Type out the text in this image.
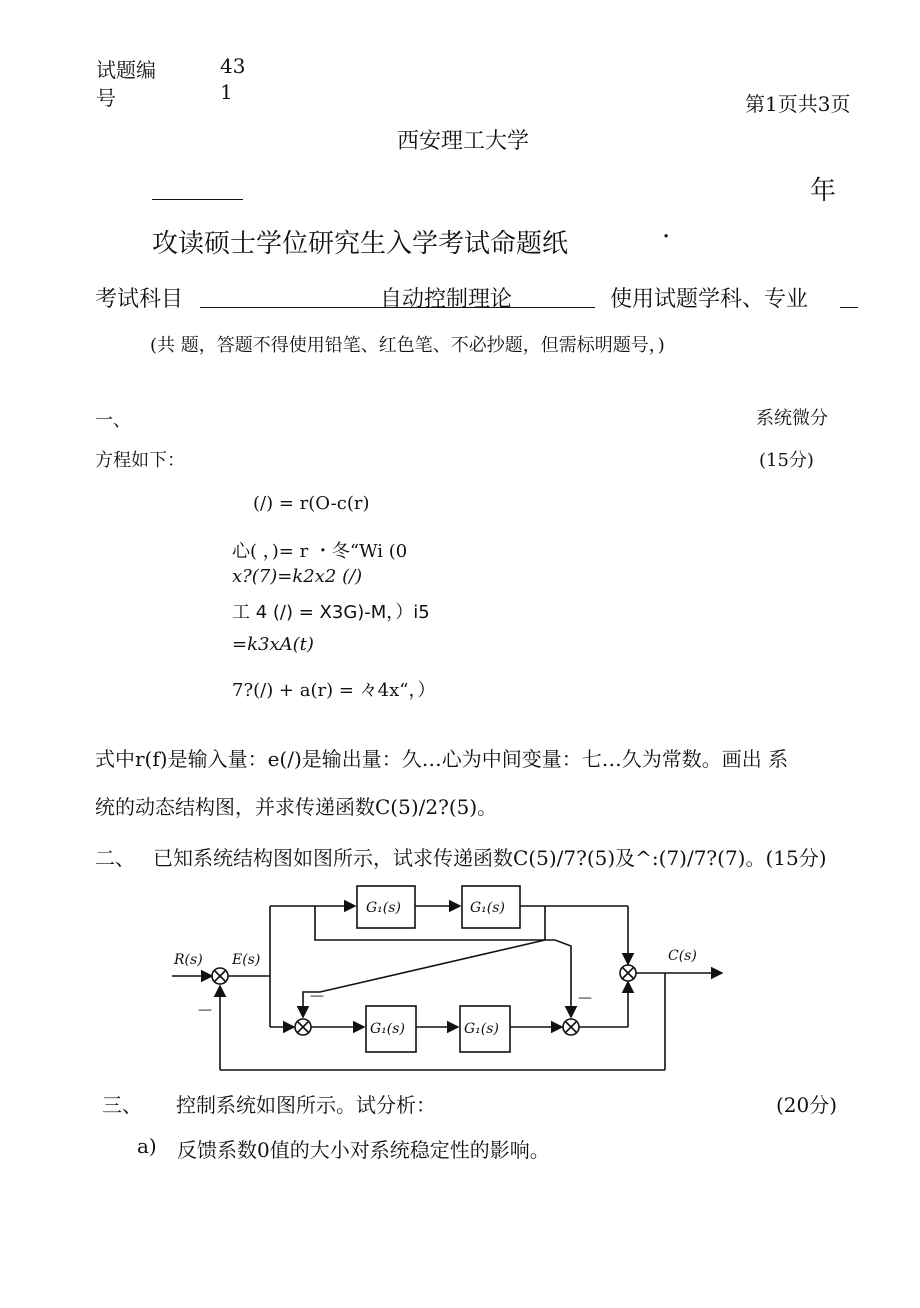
试题编
号
43
1	第1页共3页
西安理工大学
年
攻读硕士学位研究生入学考试命题纸	·
考试科目	自动控制理论	使用试题学科、专业
(共 题，答题不得使用铅笔、红色笔、不必抄题，但需标明题号，)
一、	系统微分
方程如下：	(15分)
(/) = r(O-c(r)
心( ，)= r ・冬“Wi (0
x?(7)=k2x2 (/)
工 4 (/) = X3G)-M，）i5
=k3xA(t)
7?(/) + a(r) = 々4x“，）
式中r(f)是输入量：e(/)是输出量：久…心为中间变量：七…久为常数。画出 系
统的动态结构图，并求传递函数C(5)/2?(5)。
二、 已知系统结构图如图所示，试求传递函数C(5)/7?(5)及^:(7)/7?(7)。(15分)
R(s) E(s)	C(s)
G₁(s)	G₁(s)
G₁(s)	G₁(s)
—	—
—
三、 控制系统如图所示。试分析：	(20分)
a) 反馈系数0值的大小对系统稳定性的影响。
